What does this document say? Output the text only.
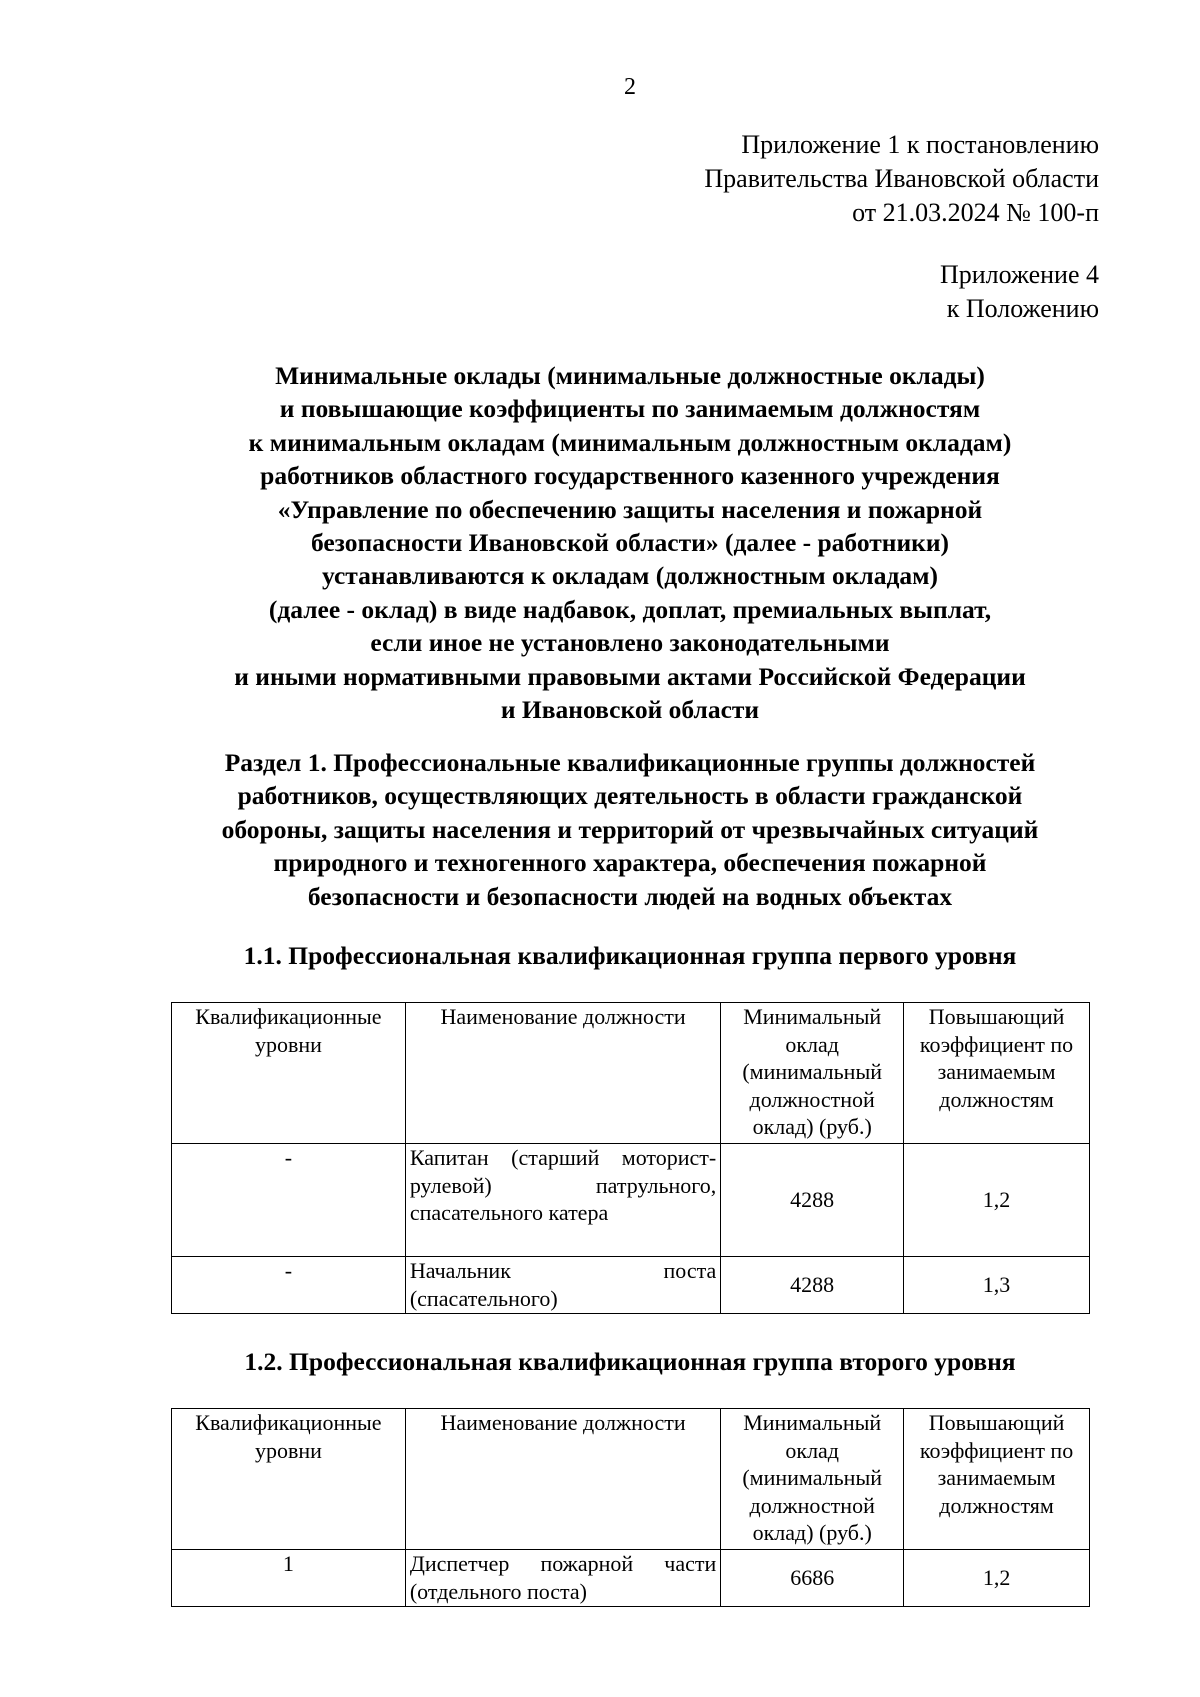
2
Приложение 1 к постановлению
Правительства Ивановской области
от 21.03.2024 № 100-п
Приложение 4
к Положению
Минимальные оклады (минимальные должностные оклады)
и повышающие коэффициенты по занимаемым должностям
к минимальным окладам (минимальным должностным окладам)
работников областного государственного казенного учреждения
«Управление по обеспечению защиты населения и пожарной
безопасности Ивановской области» (далее - работники)
устанавливаются к окладам (должностным окладам)
(далее - оклад) в виде надбавок, доплат, премиальных выплат,
если иное не установлено законодательными
и иными нормативными правовыми актами Российской Федерации
и Ивановской области
Раздел 1. Профессиональные квалификационные группы должностей
работников, осуществляющих деятельность в области гражданской
обороны, защиты населения и территорий от чрезвычайных ситуаций
природного и техногенного характера, обеспечения пожарной
безопасности и безопасности людей на водных объектах
1.1. Профессиональная квалификационная группа первого уровня
Квалификационные уровни	Наименование должности	Минимальный оклад (минимальный должностной оклад) (руб.)	Повышающий коэффициент по занимаемым должностям
-	Капитан (старший моторист-рулевой) патрульного, спасательного катера	4288	1,2
-	Начальник поста (спасательного)	4288	1,3
1.2. Профессиональная квалификационная группа второго уровня
Квалификационные уровни	Наименование должности	Минимальный оклад (минимальный должностной оклад) (руб.)	Повышающий коэффициент по занимаемым должностям
1	Диспетчер пожарной части (отдельного поста)	6686	1,2
